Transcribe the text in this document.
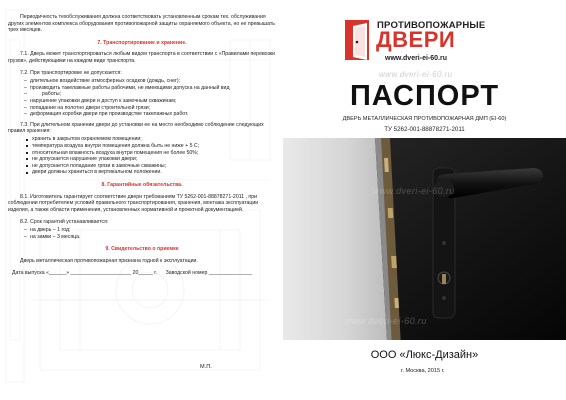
Периодичность техобслуживания должна соответствовать установленным срокам тех. обслуживания других элементов комплекса оборудования противопожарной защиты охраняемого объекта, но не превышать трех месяцев.

7. Транспортирование и хранение.

7.1. Дверь может транспортироваться любым видом транспорта в соответствии с «Правилами перевозки грузов», действующими на каждом виде транспорта.

7.2. При транспортировке не допускается:

– длительное воздействие атмосферных осадков (дождь, снег);
– производить такелажные работы рабочими, не имеющими допуска на данный вид
– работы;
– нарушение упаковки двери и доступ к замочным скважинам;
– попадание на полотно двери строительной грязи;
– деформация коробки двери при производстве такелажных работ.

7.3. При длительном хранении двери до установки ее на место необходимо соблюдение следующих правил хранения:

хранить в закрытом охраняемом помещении;
температура воздуха внутри помещения должна быть не ниже + 5 С;
относительная влажность воздуха внутри помещения не более 50%;
не допускается нарушение упаковки двери;
не допускается попадание грязи в замочные скважины;
двери должны храниться в вертикальном положении.

8. Гарантийные обязательства.

8.1. Изготовитель гарантирует соответствие двери требованиям ТУ 5262-001-88878271-2011 , при соблюдении потребителем условий правильного транспортирования, хранения, монтажа эксплуатации изделия, а также области применения, установленных нормативной и проектной документацией.

8.2. Срок гарантий устанавливается:

– на дверь – 1 год;
– на замки – 3 месяца.

9. Свидетельство о приемке

Дверь металлическая противопожарная признана годной к эксплуатации.

Дата выпуска «______» _____________________ 20_____ г. Заводской номер _______________

М.П.
ПРОТИВОПОЖАРНЫЕ
ДВЕРИ
www.dveri-ei-60.ru
www.dveri-ei-60.ru
ПАСПОРТ
ДВЕРЬ МЕТАЛЛИЧЕСКАЯ ПРОТИВОПОЖАРНАЯ ДМП (EI-60)
ТУ 5262-001-88878271-2011
www.dveri-ei-60.ru
www.dveri-ei-60.ru
ООО «Люкс-Дизайн»
г. Москва, 2015 г.
